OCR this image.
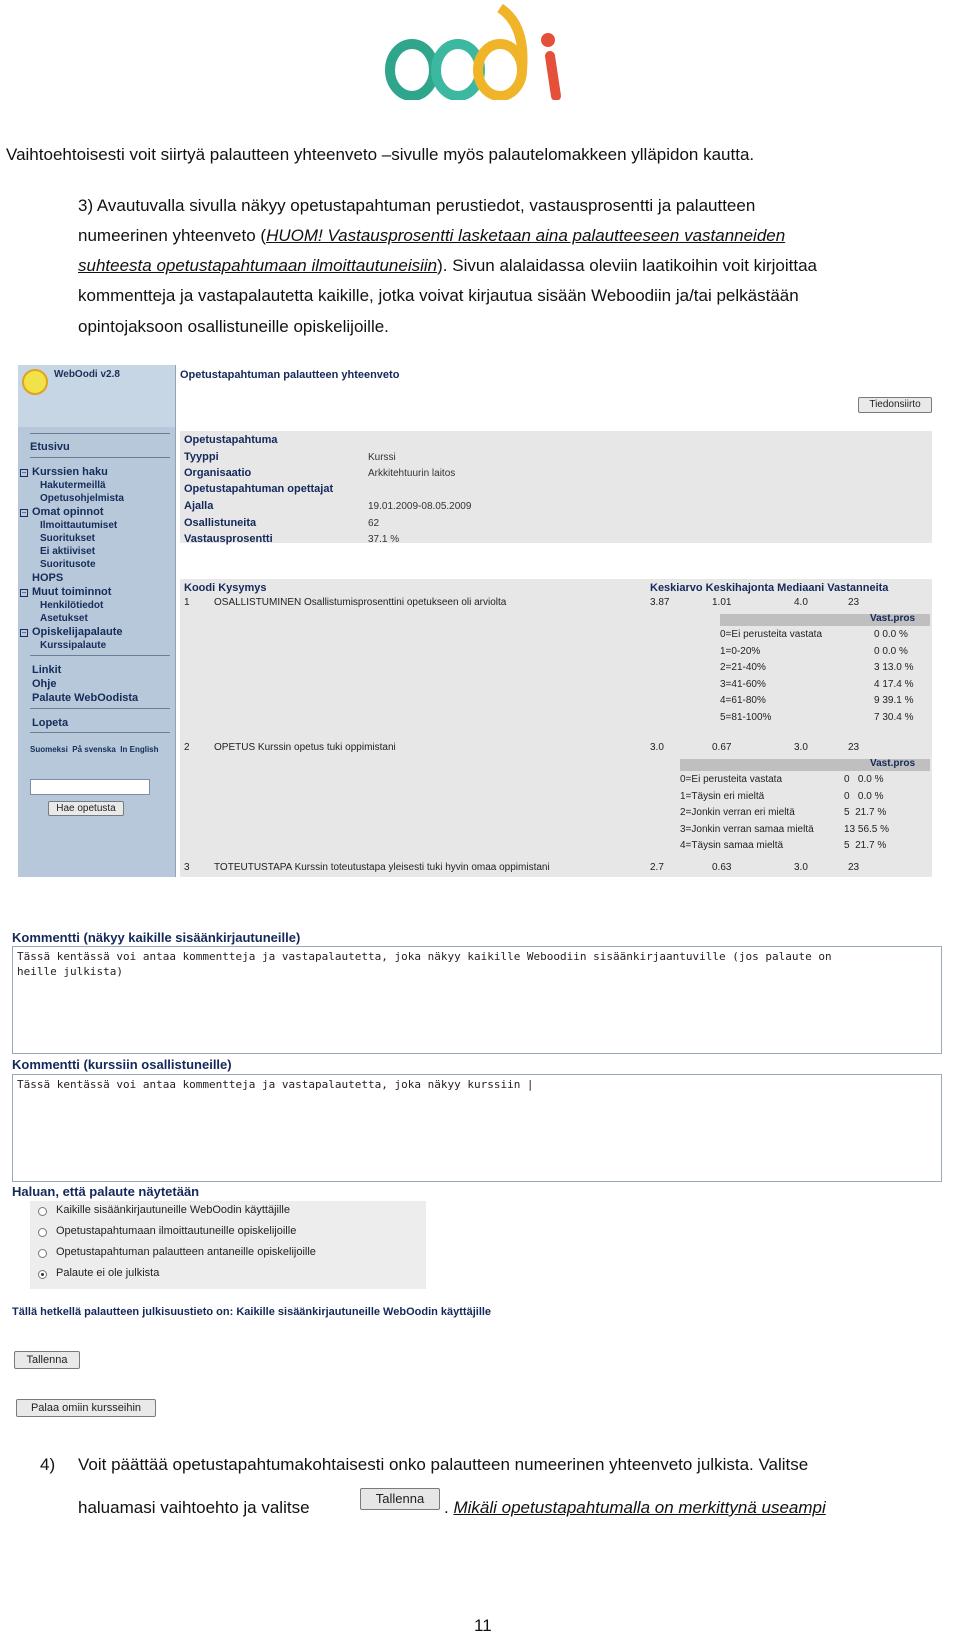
Vaihtoehtoisesti voit siirtyä palautteen yhteenveto –sivulle myös palautelomakkeen ylläpidon kautta.
3) Avautuvalla sivulla näkyy opetustapahtuman perustiedot, vastausprosentti ja palautteen
numeerinen yhteenveto (HUOM! Vastausprosentti lasketaan aina palautteeseen vastanneiden
suhteesta opetustapahtumaan ilmoittautuneisiin). Sivun alalaidassa oleviin laatikoihin voit kirjoittaa
kommentteja ja vastapalautetta kaikille, jotka voivat kirjautua sisään Weboodiin ja/tai pelkästään
opintojaksoon osallistuneille opiskelijoille.
WebOodi v2.8
Etusivu
− Kurssien haku
Hakutermeillä
Opetusohjelmista
− Omat opinnot
Ilmoittautumiset
Suoritukset
Ei aktiiviset
Suoritusote
HOPS
− Muut toiminnot
Henkilötiedot
Asetukset
− Opiskelijapalaute
Kurssipalaute
Linkit
Ohje
Palaute WebOodista
Lopeta
Suomeksi  På svenska  In English
Hae opetusta
Opetustapahtuman palautteen yhteenveto
Tiedonsiirto
Opetustapahtuma
Tyyppi	Kurssi
Organisaatio	Arkkitehtuurin laitos
Opetustapahtuman opettajat
Ajalla	19.01.2009-08.05.2009
Osallistuneita	62
Vastausprosentti	37.1 %
Koodi Kysymys	Keskiarvo Keskihajonta Mediaani Vastanneita
1 OSALLISTUMINEN Osallistumisprosenttini opetukseen oli arviolta	3.87	1.01	4.0	23
Vast.pros
0=Ei perusteita vastata	0 0.0 %
1=0-20%	0 0.0 %
2=21-40%	3 13.0 %
3=41-60%	4 17.4 %
4=61-80%	9 39.1 %
5=81-100%	7 30.4 %
2 OPETUS Kurssin opetus tuki oppimistani	3.0	0.67	3.0	23
Vast.pros
0=Ei perusteita vastata	0   0.0 %
1=Täysin eri mieltä	0   0.0 %
2=Jonkin verran eri mieltä	5  21.7 %
3=Jonkin verran samaa mieltä	13 56.5 %
4=Täysin samaa mieltä	5  21.7 %
3 TOTEUTUSTAPA Kurssin toteutustapa yleisesti tuki hyvin omaa oppimistani	2.7	0.63	3.0	23
Kommentti (näkyy kaikille sisäänkirjautuneille)
Tässä kentässä voi antaa kommentteja ja vastapalautetta, joka näkyy kaikille Weboodiin sisäänkirjaantuville (jos palaute on
heille julkista)
Kommentti (kurssiin osallistuneille)
Tässä kentässä voi antaa kommentteja ja vastapalautetta, joka näkyy kurssiin |
Haluan, että palaute näytetään
Kaikille sisäänkirjautuneille WebOodin käyttäjille
Opetustapahtumaan ilmoittautuneille opiskelijoille
Opetustapahtuman palautteen antaneille opiskelijoille
Palaute ei ole julkista
Tällä hetkellä palautteen julkisuustieto on: Kaikille sisäänkirjautuneille WebOodin käyttäjille
Tallenna
Palaa omiin kursseihin
4) Voit päättää opetustapahtumakohtaisesti onko palautteen numeerinen yhteenveto julkista. Valitse
haluamasi vaihtoehto ja valitse	Tallenna	. Mikäli opetustapahtumalla on merkittynä useampi
11
